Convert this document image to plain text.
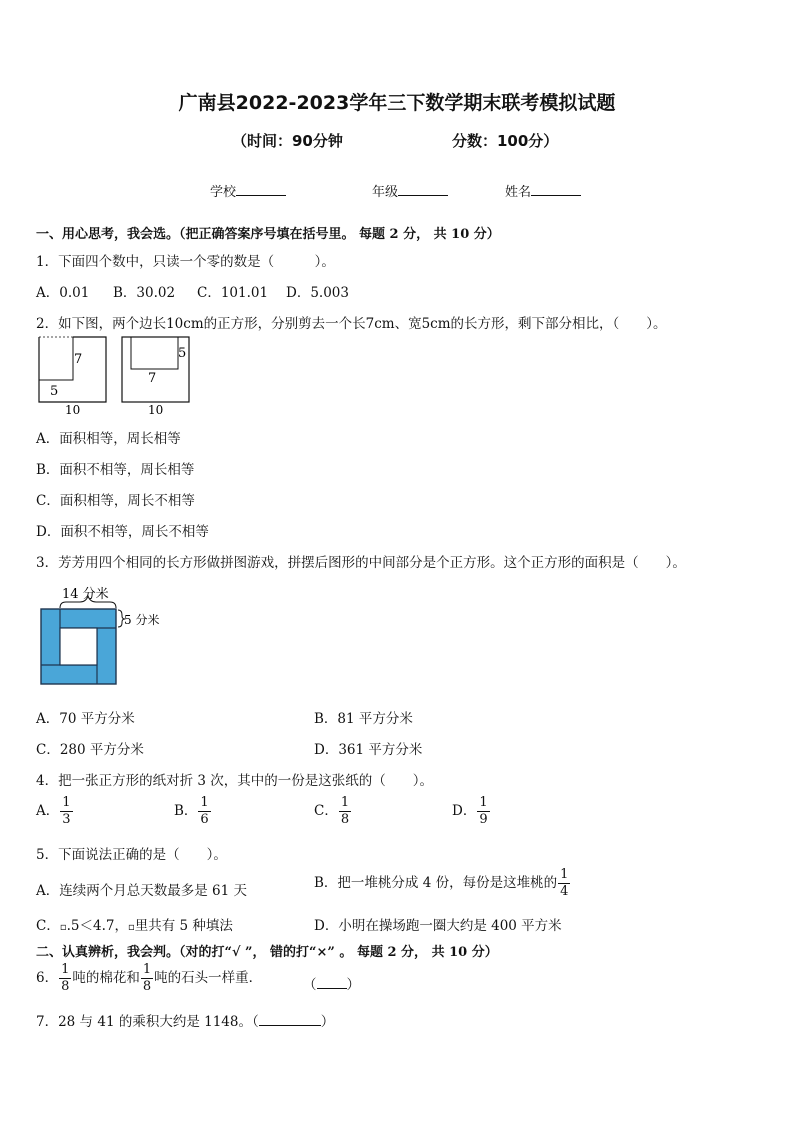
广南县2022-2023学年三下数学期末联考模拟试题
（时间：90分钟	分数：100分）
学校	年级	姓名
一、用心思考，我会选。（把正确答案序号填在括号里。 每题 2 分， 共 10 分）
1．下面四个数中，只读一个零的数是（　　　）。
A．0.01 B．30.02 C．101.01 D．5.003
2．如下图，两个边长10cm的正方形，分别剪去一个长7cm、宽5cm的长方形，剩下部分相比，（　　）。
7
5
10
5
7
10
A．面积相等，周长相等
B．面积不相等，周长相等
C．面积相等，周长不相等
D．面积不相等，周长不相等
3．芳芳用四个相同的长方形做拼图游戏，拼摆后图形的中间部分是个正方形。这个正方形的面积是（　　）。
14 分米
5 分米
A．70 平方分米	B．81 平方分米
C．280 平方分米	D．361 平方分米
4．把一张正方形的纸对折 3 次，其中的一份是这张纸的（　　）。
A． $\frac{1}{3}$	B． $\frac{1}{6}$	C． $\frac{1}{8}$	D． $\frac{1}{9}$
5．下面说法正确的是（　　）。
A．连续两个月总天数最多是 61 天	B．把一堆桃分成 4 份，每份是这堆桃的 $\frac{1}{4}$
C．▫.5＜4.7，▫里共有 5 种填法	D．小明在操场跑一圈大约是 400 平方米
二、认真辨析，我会判。（对的打“√ ”， 错的打“×” 。 每题 2 分， 共 10 分）
6． $\frac{1}{8}$ 吨的棉花和 $\frac{1}{8}$ 吨的石头一样重．	（ ）
7．28 与 41 的乘积大约是 1148。（	）
